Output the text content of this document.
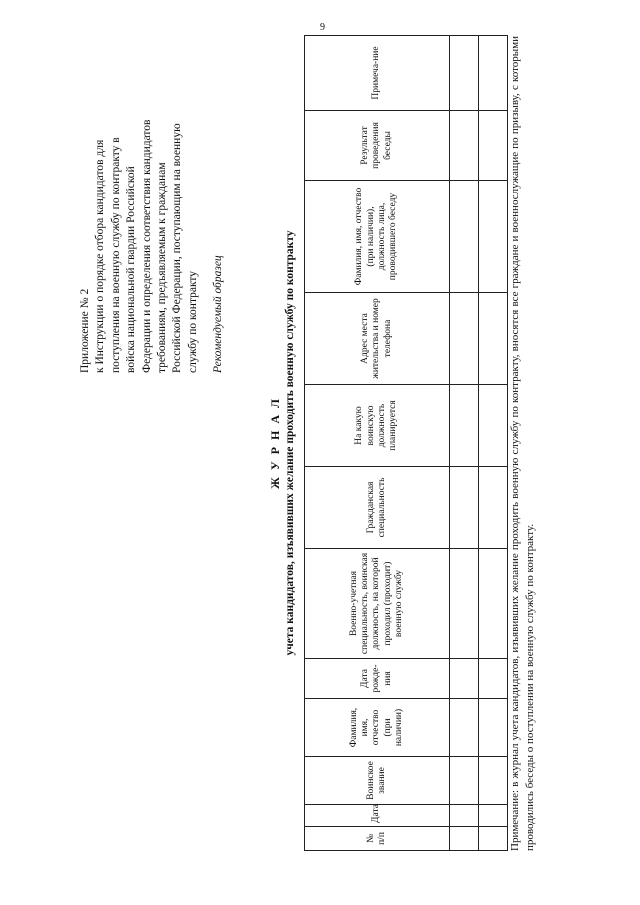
9
Приложение № 2 к Инструкции о порядке отбора кандидатов для поступления на военную службу по контракту в войска национальной гвардии Российской Федерации и определения соответствия кандидатов требованиям, предъявляемым к гражданам Российской Федерации, поступающим на военную службу по контракту Рекомендуемый образец
Ж У Р Н А Л учета кандидатов, изъявивших желание проходить военную службу по контракту
№ п/п	Дата	Воинское звание	Фамилия, имя, отчество (при наличии)	Дата рожде-ния	Военно-учетная специальность, воинская должность, на которой проходил (проходит) военную службу	Гражданская специальность	На какую воинскую должность планируется	Адрес места жительства и номер телефона	Фамилия, имя, отчество (при наличии), должность лица, проводившего беседу	Результат проведения беседы	Примеча-ние

												Примечание: в журнал учета кандидатов, изъявивших желание проходить военную службу по контракту, вносятся все граждане и военнослужащие по призыву, с которыми проводились беседы о поступлении на военную службу по контракту.
